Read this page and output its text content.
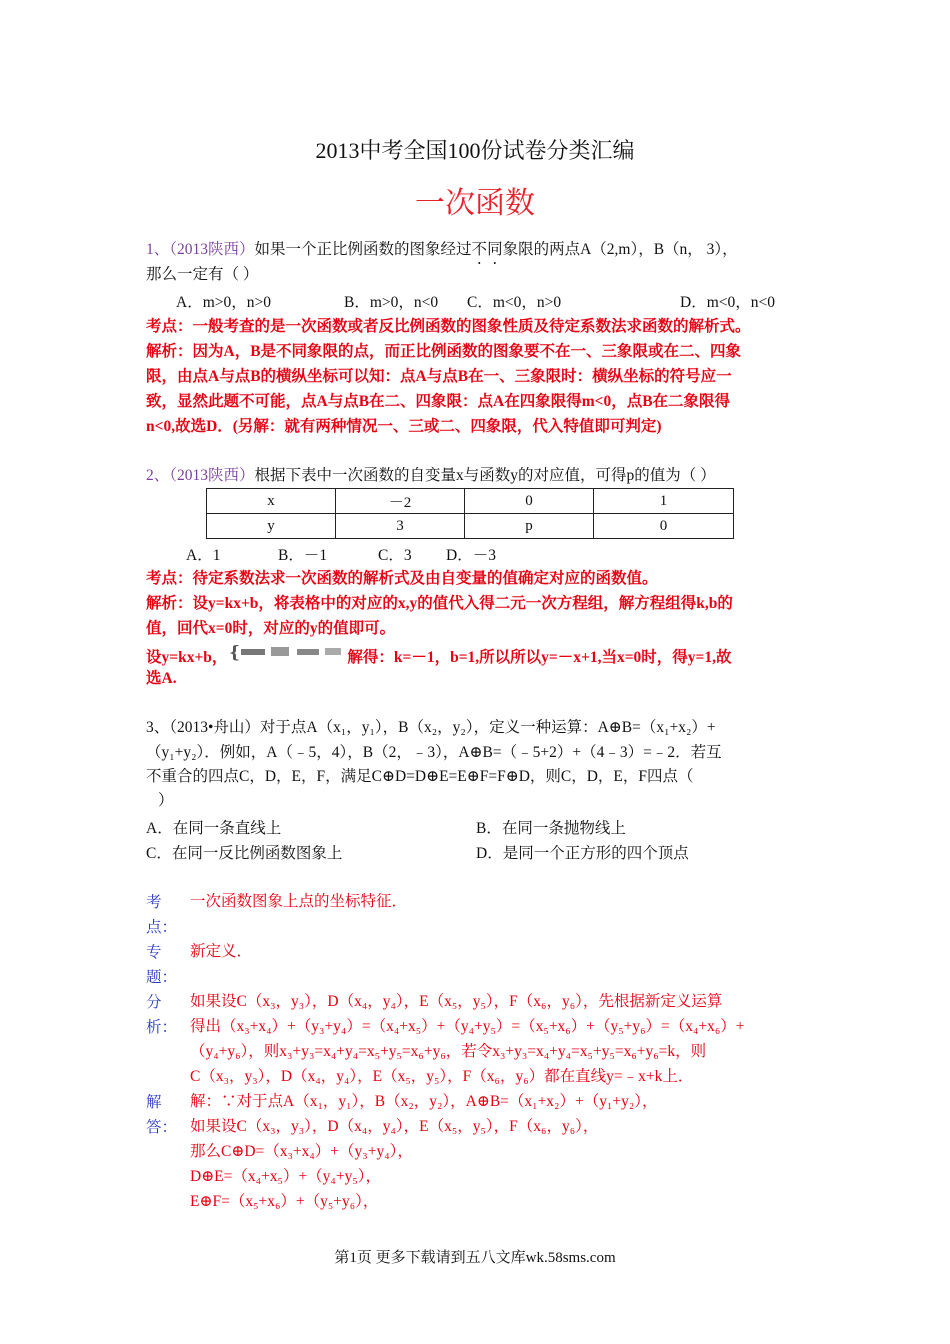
2013中考全国100份试卷分类汇编
一次函数
1、（2013陕西）如果一个正比例函数的图象经过不同象限的两点A（2,m），B（n， 3），
那么一定有（ ）
A．m>0，n>0	B．m>0，n<0 C．m<0，n>0	D．m<0，n<0
考点：一般考查的是一次函数或者反比例函数的图象性质及待定系数法求函数的解析式。
解析：因为A，B是不同象限的点，而正比例函数的图象要不在一、三象限或在二、四象
限，由点A与点B的横纵坐标可以知：点A与点B在一、三象限时：横纵坐标的符号应一
致，显然此题不可能，点A与点B在二、四象限：点A在四象限得m<0，点B在二象限得
n<0,故选D．(另解：就有两种情况一、三或二、四象限，代入特值即可判定)
2、（2013陕西）根据下表中一次函数的自变量x与函数y的对应值，可得p的值为（ ）
x	－2	0	1
y	3	p	0
A．1	B．－1	C．3 D．－3
考点：待定系数法求一次函数的解析式及由自变量的值确定对应的函数值。
解析：设y=kx+b，将表格中的对应的x,y的值代入得二元一次方程组，解方程组得k,b的
值，回代x=0时，对应的y的值即可。
设y=kx+b， {	解得：k=－1，b=1,所以所以y=－x+1,当x=0时，得y=1,故
选A.
3、（2013•舟山）对于点A（x₁，y₁），B（x₂，y₂），定义一种运算：A⊕B=（x₁+x₂）+
（y₁+y₂）．例如，A（﹣5，4），B（2，﹣3），A⊕B=（﹣5+2）+（4﹣3）=﹣2．若互
不重合的四点C，D，E，F，满足C⊕D=D⊕E=E⊕F=F⊕D，则C，D，E，F四点（
）
A．在同一条直线上	B．在同一条抛物线上
C．在同一反比例函数图象上	D．是同一个正方形的四个顶点
考
点：
一次函数图象上点的坐标特征．
专
题：
新定义．
分
析：
如果设C（x₃，y₃），D（x₄，y₄），E（x₅，y₅），F（x₆，y₆），先根据新定义运算
得出（x₃+x₄）+（y₃+y₄）=（x₄+x₅）+（y₄+y₅）=（x₅+x₆）+（y₅+y₆）=（x₄+x₆）+
（y₄+y₆），则x₃+y₃=x₄+y₄=x₅+y₅=x₆+y₆，若令x₃+y₃=x₄+y₄=x₅+y₅=x₆+y₆=k，则
C（x₃，y₃），D（x₄，y₄），E（x₅，y₅），F（x₆，y₆）都在直线y=﹣x+k上．
解
答：
解：∵对于点A（x₁，y₁），B（x₂，y₂），A⊕B=（x₁+x₂）+（y₁+y₂），
如果设C（x₃，y₃），D（x₄，y₄），E（x₅，y₅），F（x₆，y₆），
那么C⊕D=（x₃+x₄）+（y₃+y₄），
D⊕E=（x₄+x₅）+（y₄+y₅），
E⊕F=（x₅+x₆）+（y₅+y₆），
第1页 更多下载请到五八文库wk.58sms.com
